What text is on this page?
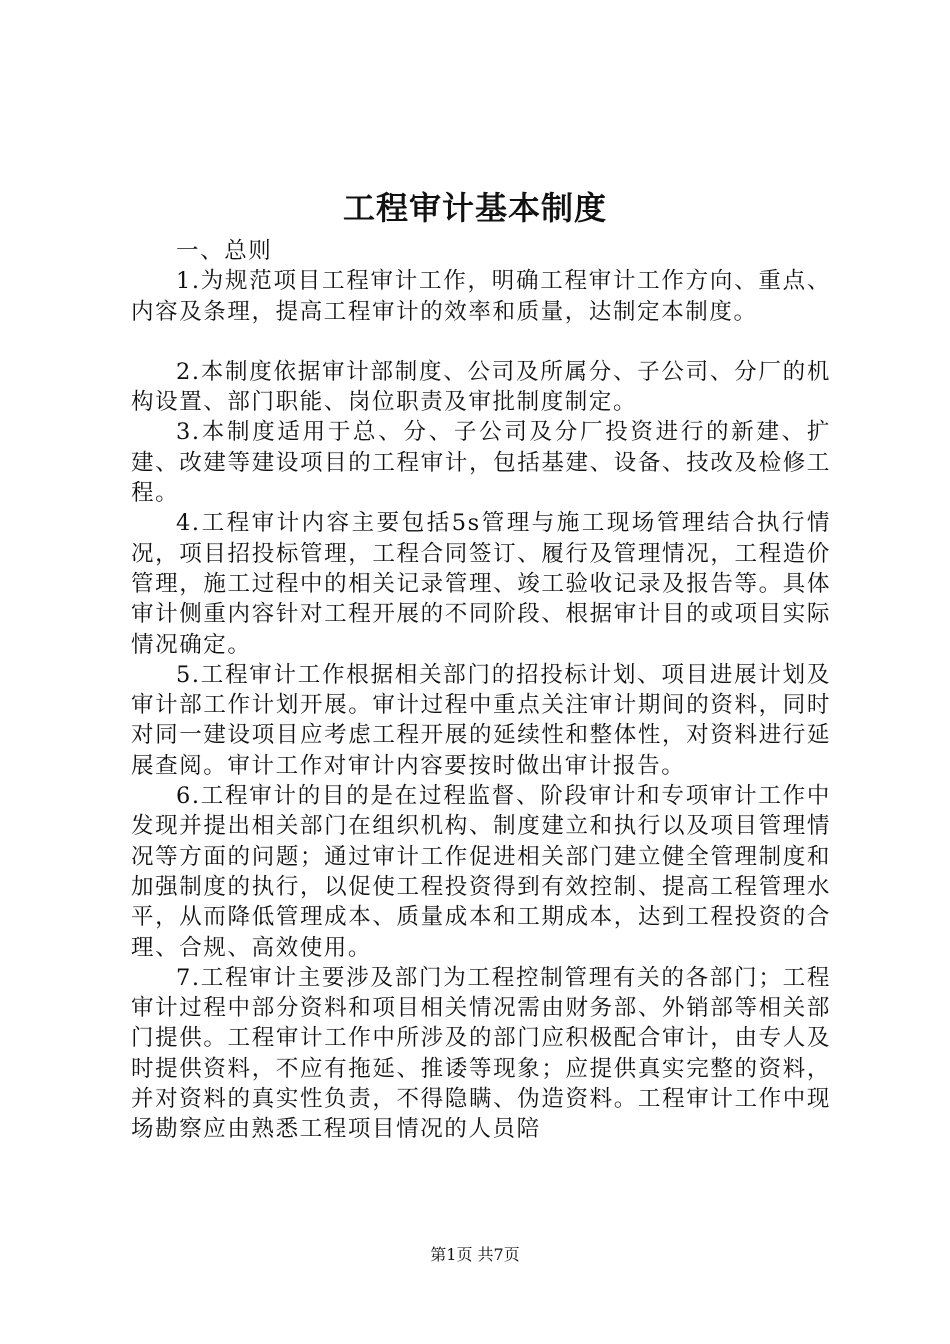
工程审计基本制度

一、总则

1.为规范项目工程审计工作，明确工程审计工作方向、重点、内容及条理，提高工程审计的效率和质量，达制定本制度。

2.本制度依据审计部制度、公司及所属分、子公司、分厂的机构设置、部门职能、岗位职责及审批制度制定。

3.本制度适用于总、分、子公司及分厂投资进行的新建、扩建、改建等建设项目的工程审计，包括基建、设备、技改及检修工程。

4.工程审计内容主要包括5s管理与施工现场管理结合执行情况，项目招投标管理，工程合同签订、履行及管理情况，工程造价管理，施工过程中的相关记录管理、竣工验收记录及报告等。具体审计侧重内容针对工程开展的不同阶段、根据审计目的或项目实际情况确定。

5.工程审计工作根据相关部门的招投标计划、项目进展计划及审计部工作计划开展。审计过程中重点关注审计期间的资料，同时对同一建设项目应考虑工程开展的延续性和整体性，对资料进行延展查阅。审计工作对审计内容要按时做出审计报告。

6.工程审计的目的是在过程监督、阶段审计和专项审计工作中发现并提出相关部门在组织机构、制度建立和执行以及项目管理情况等方面的问题；通过审计工作促进相关部门建立健全管理制度和加强制度的执行，以促使工程投资得到有效控制、提高工程管理水平，从而降低管理成本、质量成本和工期成本，达到工程投资的合理、合规、高效使用。

7.工程审计主要涉及部门为工程控制管理有关的各部门；工程审计过程中部分资料和项目相关情况需由财务部、外销部等相关部门提供。工程审计工作中所涉及的部门应积极配合审计，由专人及时提供资料，不应有拖延、推诿等现象；应提供真实完整的资料，并对资料的真实性负责，不得隐瞒、伪造资料。工程审计工作中现场勘察应由熟悉工程项目情况的人员陪

第1页 共7页
